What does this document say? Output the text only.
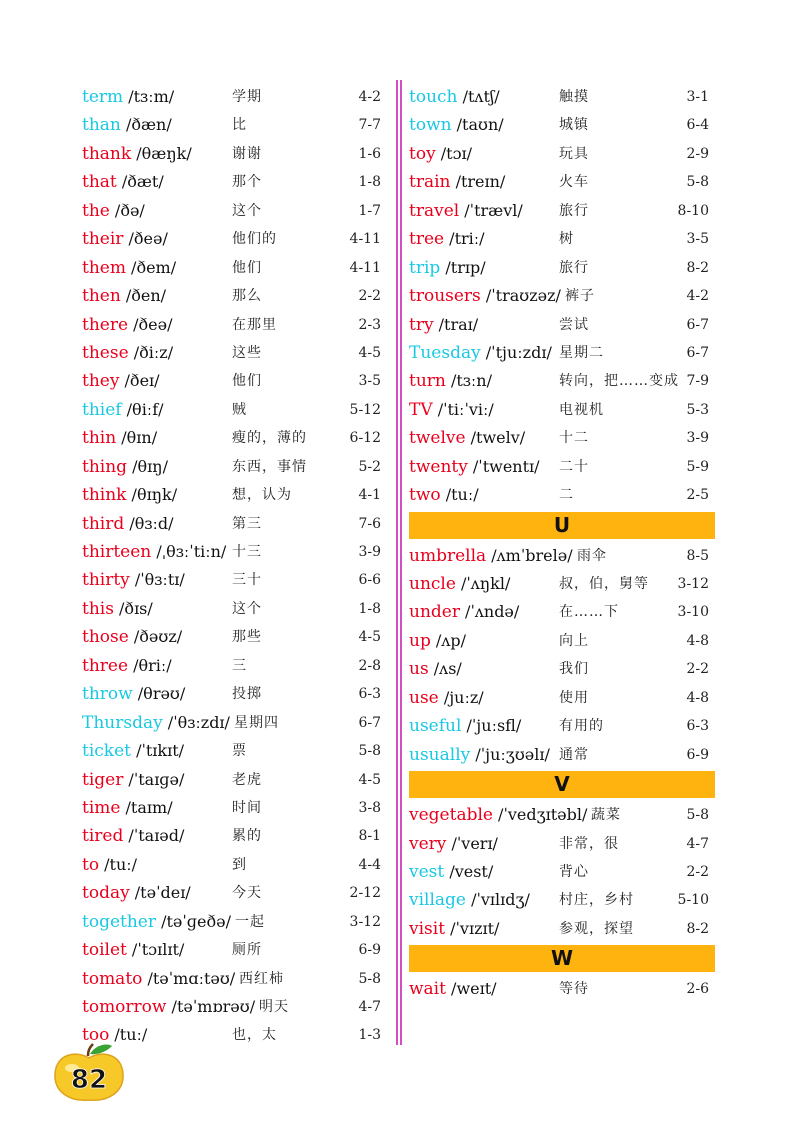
term /tɜːm/	学期	4-2
than /ðæn/	比	7-7
thank /θæŋk/	谢谢	1-6
that /ðæt/	那个	1-8
the /ðə/	这个	1-7
their /ðeə/	他们的	4-11
them /ðem/	他们	4-11
then /ðen/	那么	2-2
there /ðeə/	在那里	2-3
these /ðiːz/	这些	4-5
they /ðeɪ/	他们	3-5
thief /θiːf/	贼	5-12
thin /θɪn/	瘦的，薄的	6-12
thing /θɪŋ/	东西，事情	5-2
think /θɪŋk/	想，认为	4-1
third /θɜːd/	第三	7-6
thirteen /ˌθɜːˈtiːn/ 十三	3-9
thirty /ˈθɜːtɪ/	三十	6-6
this /ðɪs/	这个	1-8
those /ðəʊz/	那些	4-5
three /θriː/	三	2-8
throw /θrəʊ/	投掷	6-3
Thursday /ˈθɜːzdɪ/ 星期四	6-7
ticket /ˈtɪkɪt/	票	5-8
tiger /ˈtaɪɡə/	老虎	4-5
time /taɪm/	时间	3-8
tired /ˈtaɪəd/	累的	8-1
to /tuː/	到	4-4
today /təˈdeɪ/	今天	2-12
together /təˈɡeðə/ 一起	3-12
toilet /ˈtɔɪlɪt/	厕所	6-9
tomato /təˈmɑːtəʊ/ 西红柿	5-8
tomorrow /təˈmɒrəʊ/ 明天	4-7
too /tuː/	也，太	1-3
touch /tʌtʃ/	触摸	3-1
town /taʊn/	城镇	6-4
toy /tɔɪ/	玩具	2-9
train /treɪn/	火车	5-8
travel /ˈtrævl/	旅行	8-10
tree /triː/	树	3-5
trip /trɪp/	旅行	8-2
trousers /ˈtraʊzəz/ 裤子	4-2
try /traɪ/	尝试	6-7
Tuesday /ˈtjuːzdɪ/ 星期二	6-7
turn /tɜːn/	转向，把……变成 7-9
TV /ˈtiːˈviː/	电视机	5-3
twelve /twelv/ 十二	3-9
twenty /ˈtwentɪ/ 二十	5-9
two /tuː/	二	2-5
U
umbrella /ʌmˈbrelə/ 雨伞	8-5
uncle /ˈʌŋkl/	叔，伯，舅等 3-12
under /ˈʌndə/	在……下	3-10
up /ʌp/	向上	4-8
us /ʌs/	我们	2-2
use /juːz/	使用	4-8
useful /ˈjuːsfl/	有用的	6-3
usually /ˈjuːʒʊəlɪ/ 通常	6-9
V
vegetable /ˈvedʒɪtəbl/ 蔬菜	5-8
very /ˈverɪ/	非常，很	4-7
vest /vest/	背心	2-2
village /ˈvɪlɪdʒ/ 村庄，乡村	5-10
visit /ˈvɪzɪt/	参观，探望	8-2
W
wait /weɪt/	等待	2-6
82
